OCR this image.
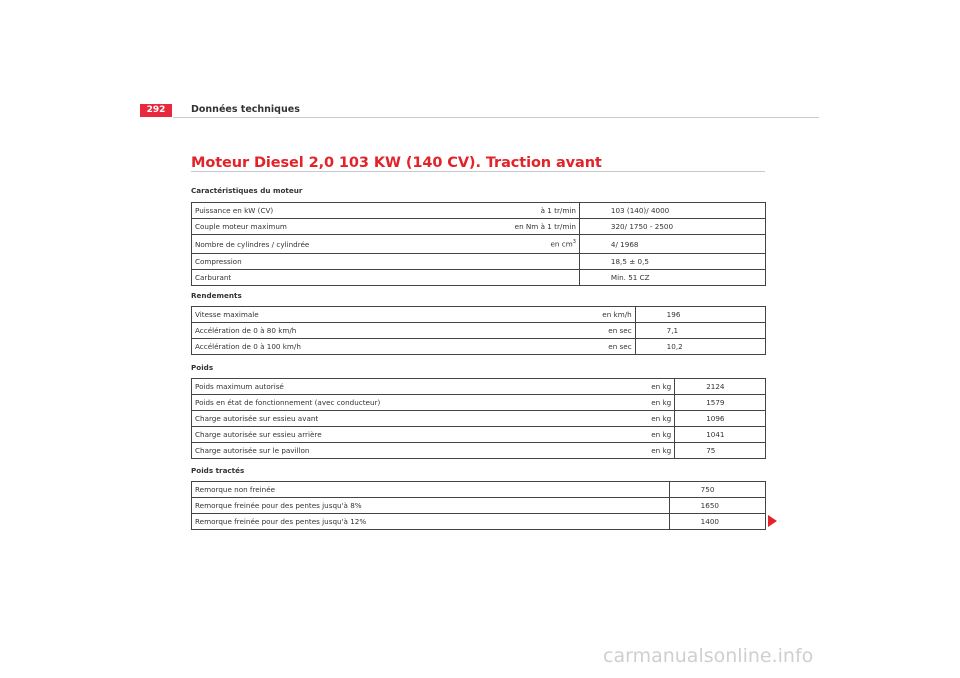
292	Données techniques
Moteur Diesel 2,0 103 KW (140 CV). Traction avant
Caractéristiques du moteur
Puissance en kW (CV)	à 1 tr/min	103 (140)/ 4000
Couple moteur maximum	en Nm à 1 tr/min	320/ 1750 - 2500
Nombre de cylindres / cylindrée	en $cm^3$	4/ 1968
Compression		18,5 ± 0,5
Carburant		Min. 51 CZ
Rendements
Vitesse maximale	en km/h	196
Accélération de 0 à 80 km/h	en sec	7,1
Accélération de 0 à 100 km/h	en sec	10,2
Poids
Poids maximum autorisé	en kg	2124
Poids en état de fonctionnement (avec conducteur)	en kg	1579
Charge autorisée sur essieu avant	en kg	1096
Charge autorisée sur essieu arrière	en kg	1041
Charge autorisée sur le pavillon	en kg	75
Poids tractés
Remorque non freinée		750
Remorque freinée pour des pentes jusqu'à 8%		1650
Remorque freinée pour des pentes jusqu'à 12%		1400
carmanualsonline.info
